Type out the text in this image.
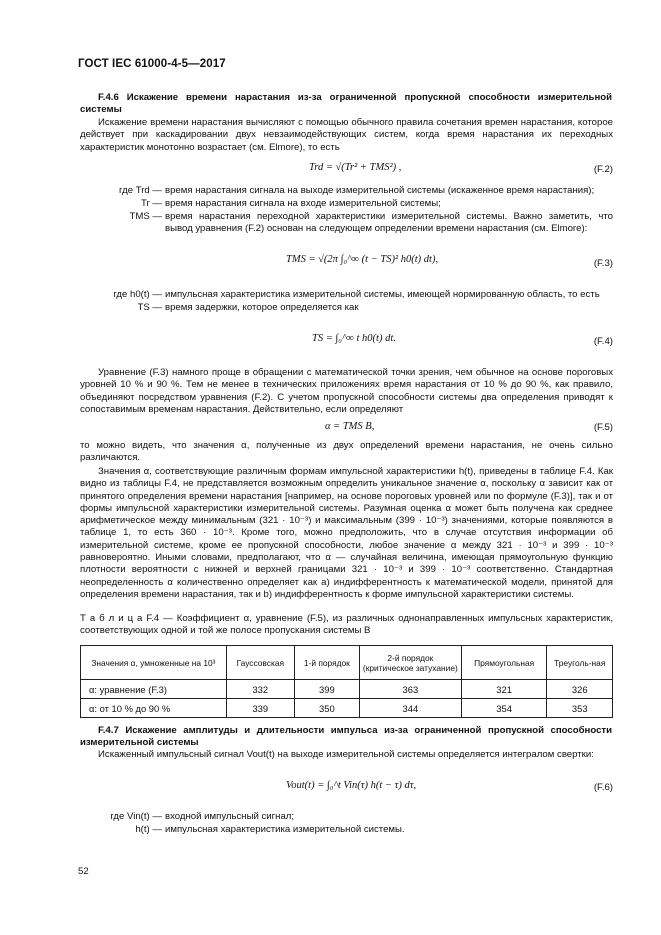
ГОСТ IEC 61000-4-5—2017
F.4.6 Искажение времени нарастания из-за ограниченной пропускной способности измерительной системы
Искажение времени нарастания вычисляют с помощью обычного правила сочетания времен нарастания, которое действует при каскадировании двух невзаимодействующих систем, когда время нарастания их переходных характеристик монотонно возрастает (см. Elmore), то есть
Trd = √(Tr² + TMS²) ,	(F.2)
где Trd — время нарастания сигнала на выходе измерительной системы (искаженное время нарастания);
Tr — время нарастания сигнала на входе измерительной системы;
TMS — время нарастания переходной характеристики измерительной системы. Важно заметить, что вывод уравнения (F.2) основан на следующем определении времени нарастания (см. Elmore):
TMS = √(2π ∫₀^∞ (t − TS)² h0(t) dt),	(F.3)
где h0(t) — импульсная характеристика измерительной системы, имеющей нормированную область, то есть
TS — время задержки, которое определяется как
TS = ∫₀^∞ t h0(t) dt.	(F.4)
Уравнение (F.3) намного проще в обращении с математической точки зрения, чем обычное на основе пороговых уровней 10 % и 90 %. Тем не менее в технических приложениях время нарастания от 10 % до 90 %, как правило, объединяют посредством уравнения (F.2). С учетом пропускной способности системы два определения приводят к сопоставимым временам нарастания. Действительно, если определяют
α = TMS B,	(F.5)
то можно видеть, что значения α, полученные из двух определений времени нарастания, не очень сильно различаются.
Значения α, соответствующие различным формам импульсной характеристики h(t), приведены в таблице F.4. Как видно из таблицы F.4, не представляется возможным определить уникальное значение α, поскольку α зависит как от принятого определения времени нарастания [например, на основе пороговых уровней или по формуле (F.3)], так и от формы импульсной характеристики измерительной системы. Разумная оценка α может быть получена как среднее арифметическое между минимальным (321 · 10⁻³) и максимальным (399 · 10⁻³) значениями, которые появляются в таблице 1, то есть 360 · 10⁻³. Кроме того, можно предположить, что в случае отсутствия информации об измерительной системе, кроме ее пропускной способности, любое значение α между 321 · 10⁻³ и 399 · 10⁻³ равновероятно. Иными словами, предполагают, что α — случайная величина, имеющая прямоугольную функцию плотности вероятности с нижней и верхней границами 321 · 10⁻³ и 399 · 10⁻³ соответственно. Стандартная неопределенность α количественно определяет как а) индифферентность к математической модели, принятой для определения времени нарастания, так и b) индифферентность к форме импульсной характеристики системы.
Т а б л и ц а F.4 — Коэффициент α, уравнение (F.5), из различных однонаправленных импульсных характеристик, соответствующих одной и той же полосе пропускания системы B
Значения α, умноженные на 10³	Гауссовская	1-й порядок	2-й порядок (критическое затухание)	Прямоугольная	Треуголь-ная
α: уравнение (F.3)	332	399	363	321	326
α: от 10 % до 90 %	339	350	344	354	353
F.4.7 Искажение амплитуды и длительности импульса из-за ограниченной пропускной способности измерительной системы
Искаженный импульсный сигнал Vout(t) на выходе измерительной системы определяется интегралом свертки:
Vout(t) = ∫₀^t Vin(τ) h(t − τ) dτ,	(F.6)
где Vin(t) — входной импульсный сигнал;
h(t) — импульсная характеристика измерительной системы.
52
